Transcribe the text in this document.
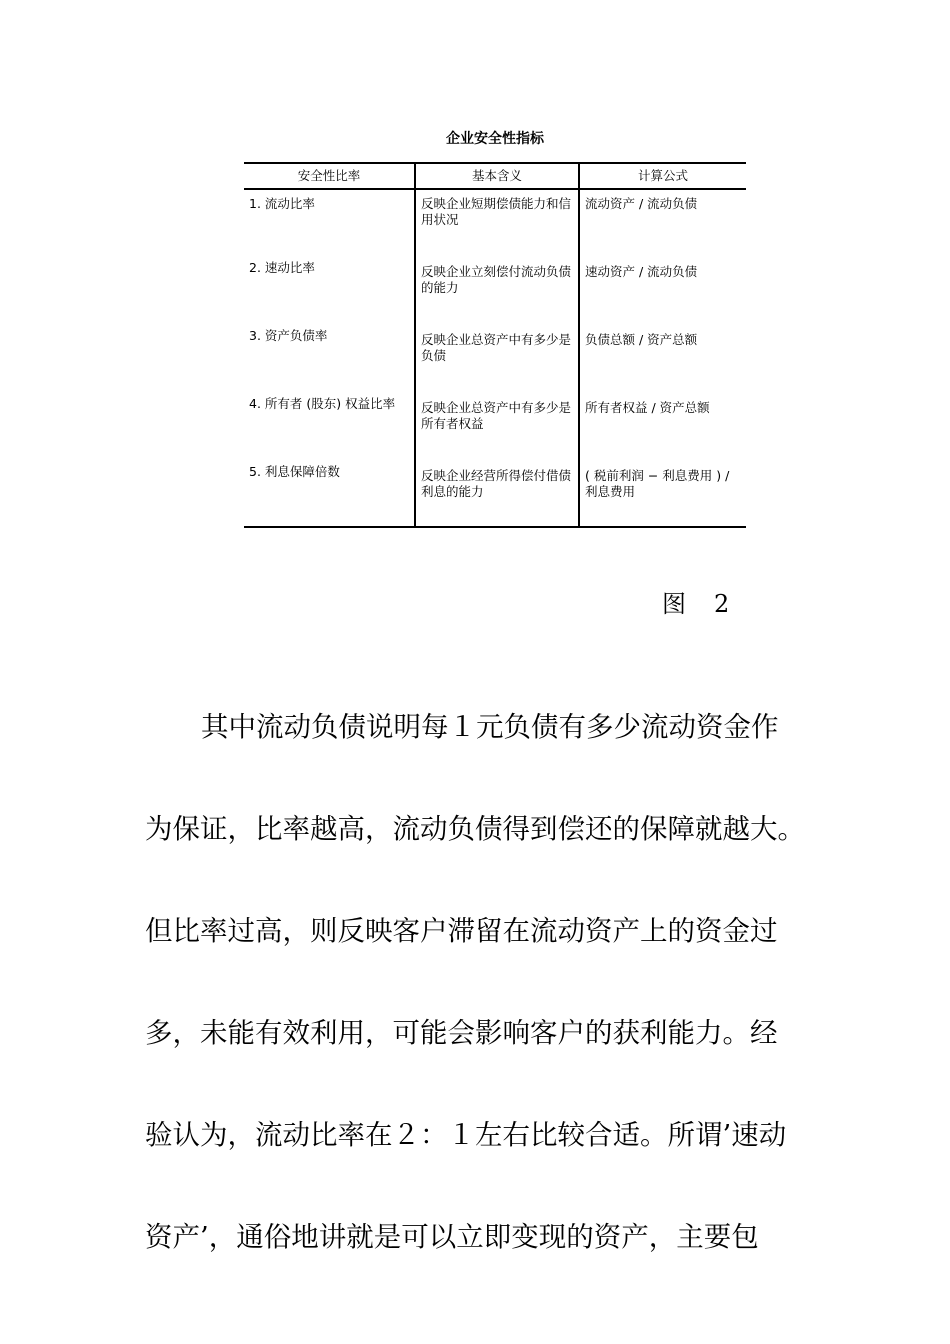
企业安全性指标
安全性比率	基本含义	计算公式
1. 流动比率	反映企业短期偿债能力和信用状况	流动资产 / 流动负债
2. 速动比率	反映企业立刻偿付流动负债的能力	速动资产 / 流动负债
3. 资产负债率	反映企业总资产中有多少是负债	负债总额 / 资产总额
4. 所有者 (股东) 权益比率	反映企业总资产中有多少是所有者权益	所有者权益 / 资产总额
5. 利息保障倍数	反映企业经营所得偿付借债利息的能力	( 税前利润 − 利息费用 ) / 利息费用
图　2

其中流动负债说明每１元负债有多少流动资金作

为保证，比率越高，流动负债得到偿还的保障就越大。

但比率过高，则反映客户滞留在流动资产上的资金过

多，未能有效利用，可能会影响客户的获利能力。经

验认为，流动比率在２：１左右比较合适。所谓’速动

资产’，通俗地讲就是可以立即变现的资产，主要包
